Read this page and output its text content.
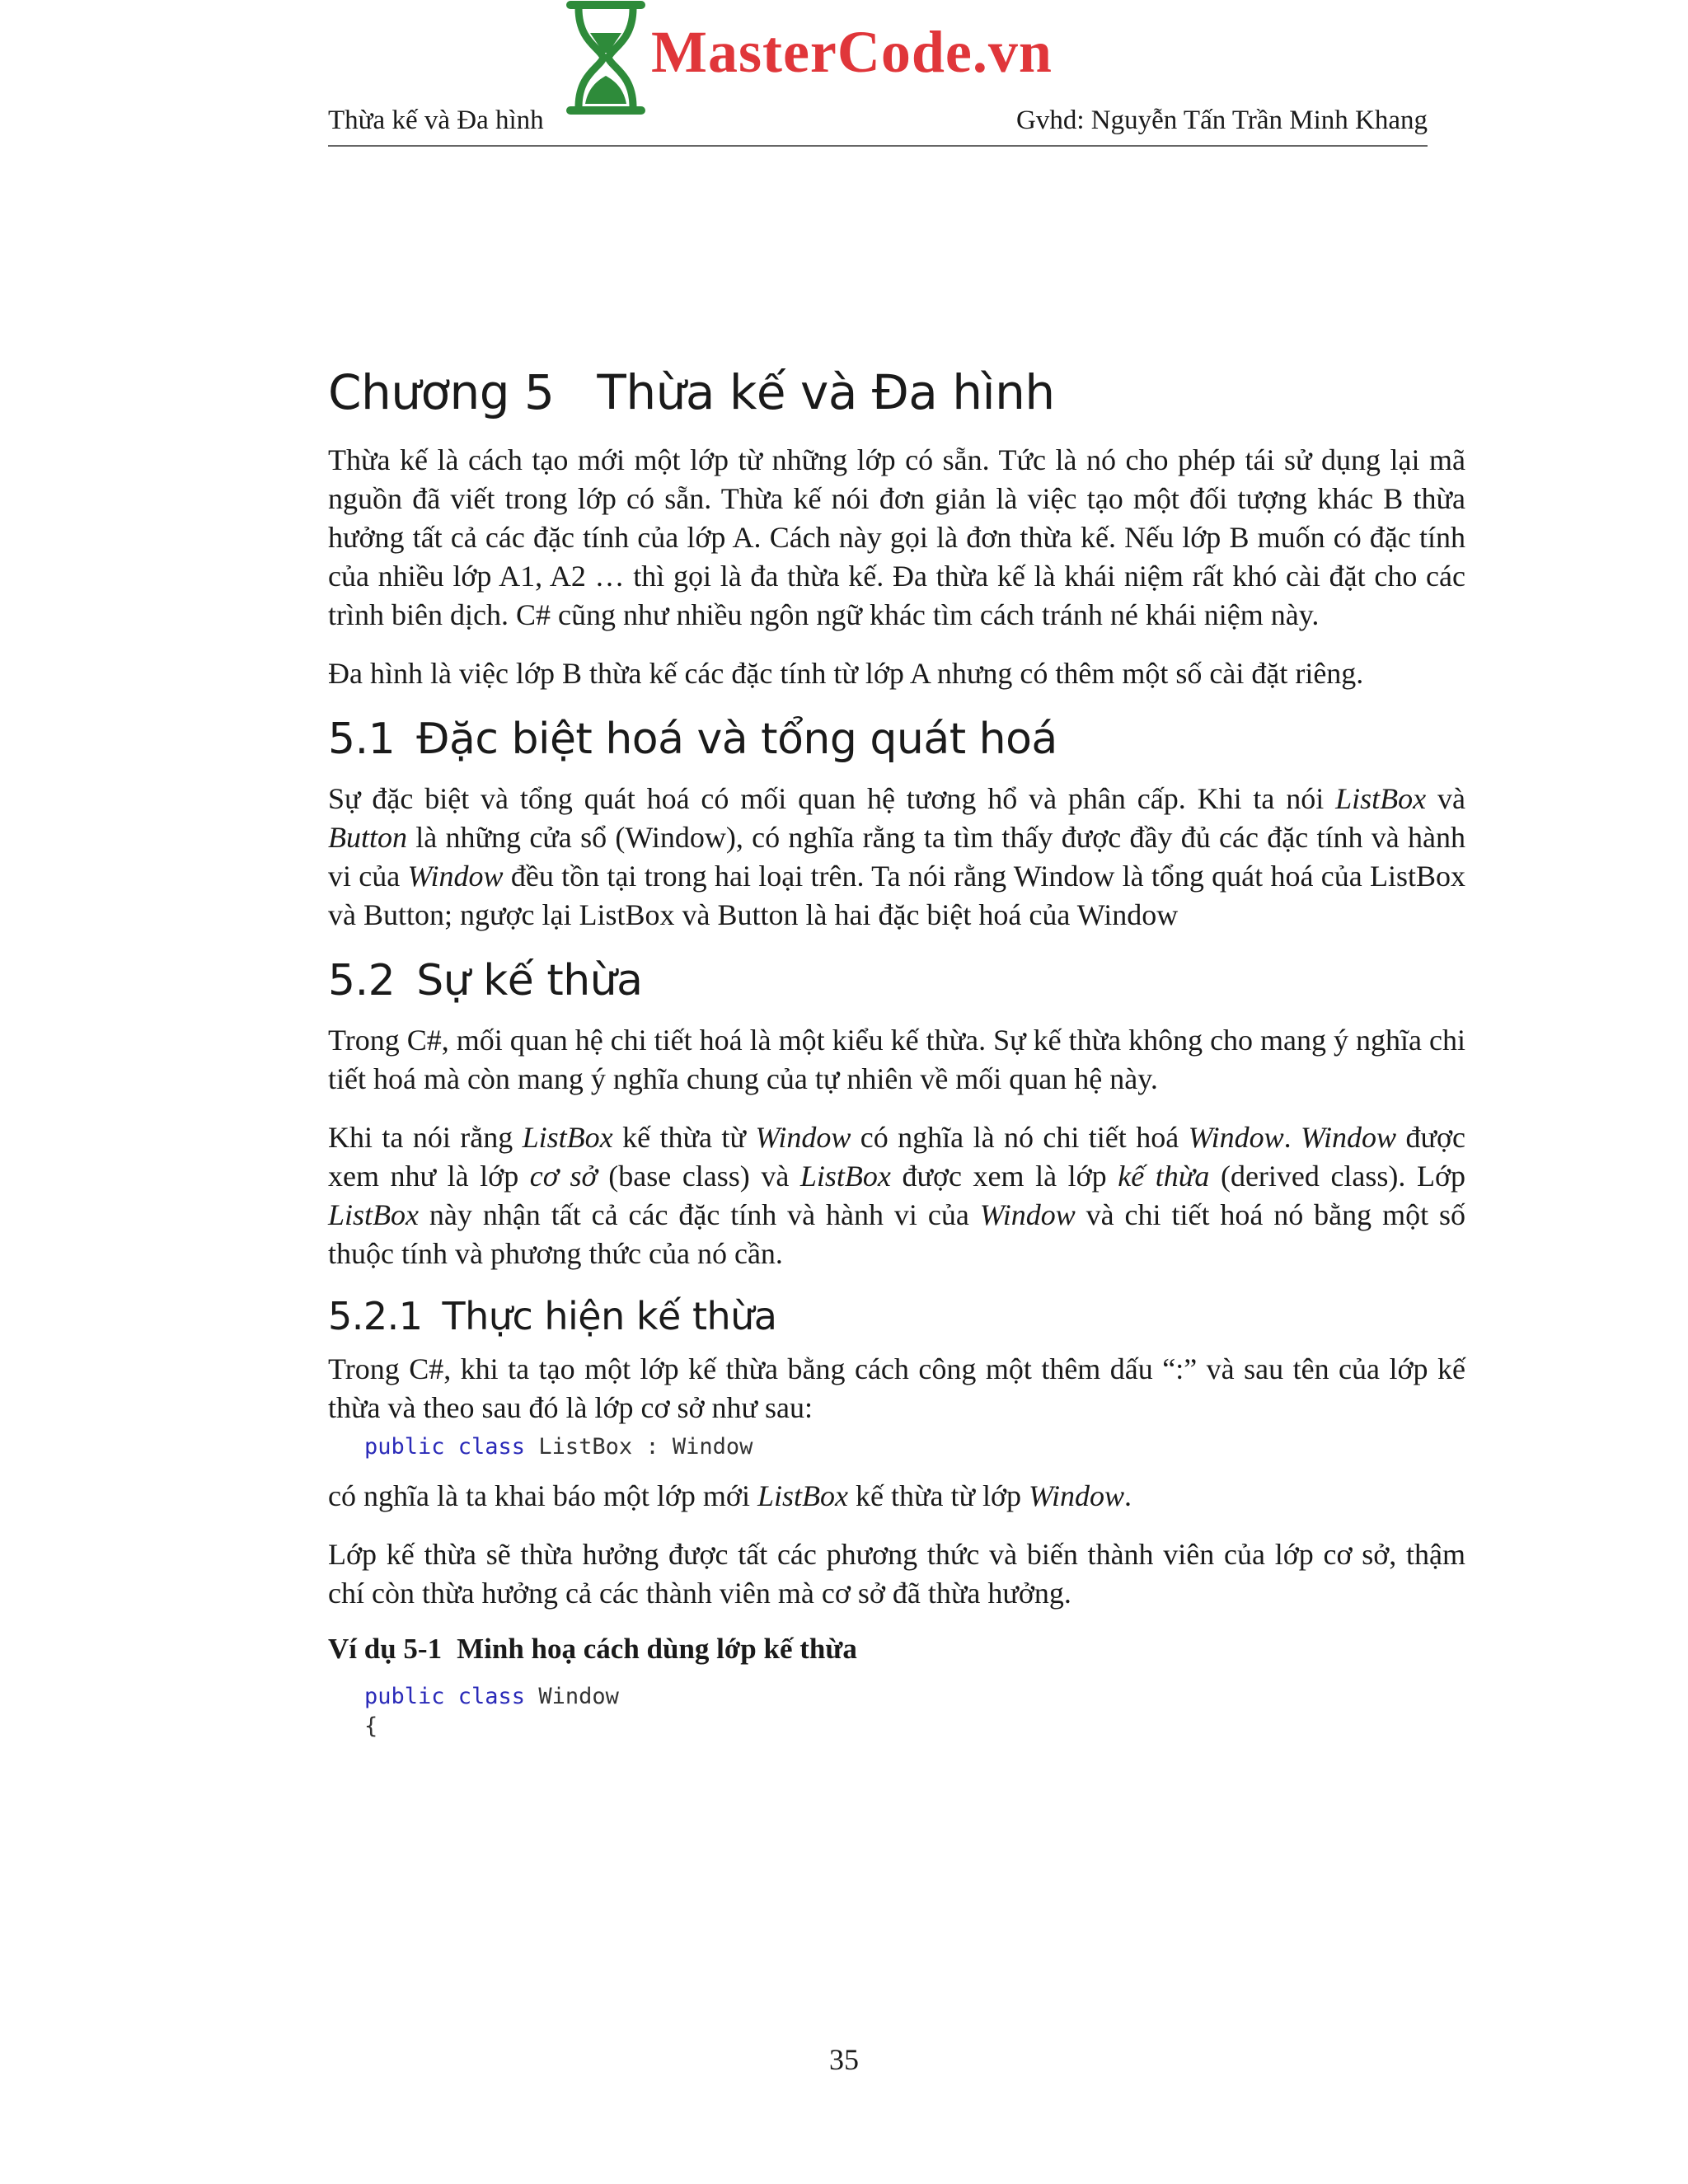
MasterCode.vn
Thừa kế và Đa hình	Gvhd: Nguyễn Tấn Trần Minh Khang
Chương 5 Thừa kế và Đa hình

Thừa kế là cách tạo mới một lớp từ những lớp có sẵn. Tức là nó cho phép tái sử dụng lại mã nguồn đã viết trong lớp có sẵn. Thừa kế nói đơn giản là việc tạo một đối tượng khác B thừa hưởng tất cả các đặc tính của lớp A. Cách này gọi là đơn thừa kế. Nếu lớp B muốn có đặc tính của nhiều lớp A1, A2 … thì gọi là đa thừa kế. Đa thừa kế là khái niệm rất khó cài đặt cho các trình biên dịch. C# cũng như nhiều ngôn ngữ khác tìm cách tránh né khái niệm này.

Đa hình là việc lớp B thừa kế các đặc tính từ lớp A nhưng có thêm một số cài đặt riêng.

5.1 Đặc biệt hoá và tổng quát hoá

Sự đặc biệt và tổng quát hoá có mối quan hệ tương hổ và phân cấp. Khi ta nói ListBox và Button là những cửa sổ (Window), có nghĩa rằng ta tìm thấy được đầy đủ các đặc tính và hành vi của Window đều tồn tại trong hai loại trên. Ta nói rằng Window là tổng quát hoá của ListBox và Button; ngược lại ListBox và Button là hai đặc biệt hoá của Window

5.2 Sự kế thừa

Trong C#, mối quan hệ chi tiết hoá là một kiểu kế thừa. Sự kế thừa không cho mang ý nghĩa chi tiết hoá mà còn mang ý nghĩa chung của tự nhiên về mối quan hệ này.

Khi ta nói rằng ListBox kế thừa từ Window có nghĩa là nó chi tiết hoá Window. Window được xem như là lớp cơ sở (base class) và ListBox được xem là lớp kế thừa (derived class). Lớp ListBox này nhận tất cả các đặc tính và hành vi của Window và chi tiết hoá nó bằng một số thuộc tính và phương thức của nó cần.

5.2.1 Thực hiện kế thừa

Trong C#, khi ta tạo một lớp kế thừa bằng cách công một thêm dấu “:” và sau tên của lớp kế thừa và theo sau đó là lớp cơ sở như sau:

public class ListBox : Window

có nghĩa là ta khai báo một lớp mới ListBox kế thừa từ lớp Window.

Lớp kế thừa sẽ thừa hưởng được tất các phương thức và biến thành viên của lớp cơ sở, thậm chí còn thừa hưởng cả các thành viên mà cơ sở đã thừa hưởng.

Ví dụ 5-1 Minh hoạ cách dùng lớp kế thừa
public class Window
{
35
